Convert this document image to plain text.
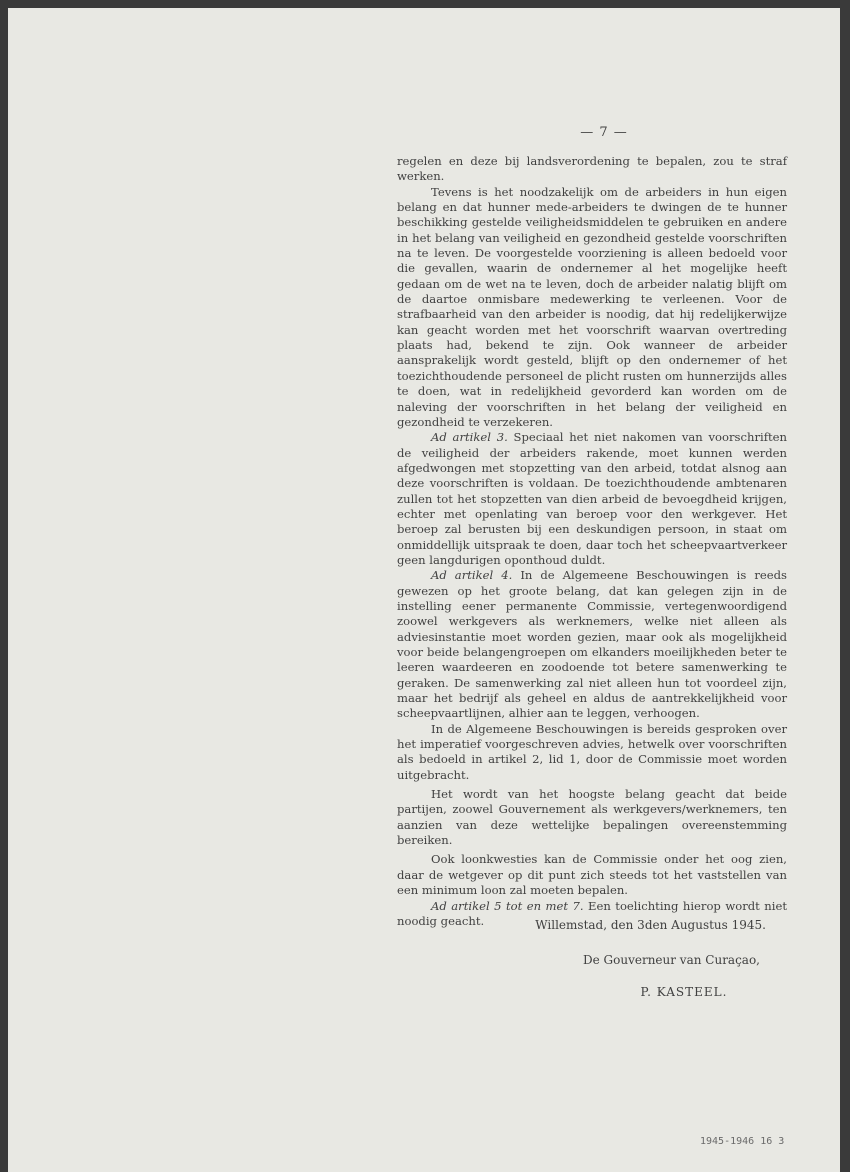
— 7 —

regelen en deze bij landsverordening te bepalen, zou te straf werken.

Tevens is het noodzakelijk om de arbeiders in hun eigen belang en dat hunner mede-arbeiders te dwingen de te hunner beschikking gestelde veiligheidsmiddelen te gebruiken en andere in het belang van veiligheid en gezondheid gestelde voorschriften na te leven. De voorgestelde voorziening is alleen bedoeld voor die gevallen, waarin de ondernemer al het mogelijke heeft gedaan om de wet na te leven, doch de arbeider nalatig blijft om de daartoe onmisbare medewerking te verleenen. Voor de strafbaarheid van den arbeider is noodig, dat hij redelijkerwijze kan geacht worden met het voorschrift waarvan overtreding plaats had, bekend te zijn. Ook wanneer de arbeider aansprakelijk wordt gesteld, blijft op den ondernemer of het toezichthoudende personeel de plicht rusten om hunnerzijds alles te doen, wat in redelijkheid gevorderd kan worden om de naleving der voorschriften in het belang der veiligheid en gezondheid te verzekeren.

Ad artikel 3. Speciaal het niet nakomen van voorschriften de veiligheid der arbeiders rakende, moet kunnen werden afgedwongen met stopzetting van den arbeid, totdat alsnog aan deze voorschriften is voldaan. De toezichthoudende ambtenaren zullen tot het stopzetten van dien arbeid de bevoegdheid krijgen, echter met openlating van beroep voor den werkgever. Het beroep zal berusten bij een deskundigen persoon, in staat om onmiddellijk uitspraak te doen, daar toch het scheepvaartverkeer geen langdurigen oponthoud duldt.

Ad artikel 4. In de Algemeene Beschouwingen is reeds gewezen op het groote belang, dat kan gelegen zijn in de instelling eener permanente Commissie, vertegenwoordigend zoowel werkgevers als werknemers, welke niet alleen als adviesinstantie moet worden gezien, maar ook als mogelijkheid voor beide belangengroepen om elkanders moeilijkheden beter te leeren waardeeren en zoodoende tot betere samenwerking te geraken. De samenwerking zal niet alleen hun tot voordeel zijn, maar het bedrijf als geheel en aldus de aantrekkelijkheid voor scheepvaartlijnen, alhier aan te leggen, verhoogen.

In de Algemeene Beschouwingen is bereids gesproken over het imperatief voorgeschreven advies, hetwelk over voorschriften als bedoeld in artikel 2, lid 1, door de Commissie moet worden uitgebracht.

Het wordt van het hoogste belang geacht dat beide partijen, zoowel Gouvernement als werkgevers/werknemers, ten aanzien van deze wettelijke bepalingen overeenstemming bereiken.

Ook loonkwesties kan de Commissie onder het oog zien, daar de wetgever op dit punt zich steeds tot het vaststellen van een minimum loon zal moeten bepalen.

Ad artikel 5 tot en met 7. Een toelichting hierop wordt niet noodig geacht.	Willemstad, den 3den Augustus 1945.
De Gouverneur van Curaçao,
P. KASTEEL.
1945-1946 16 3
